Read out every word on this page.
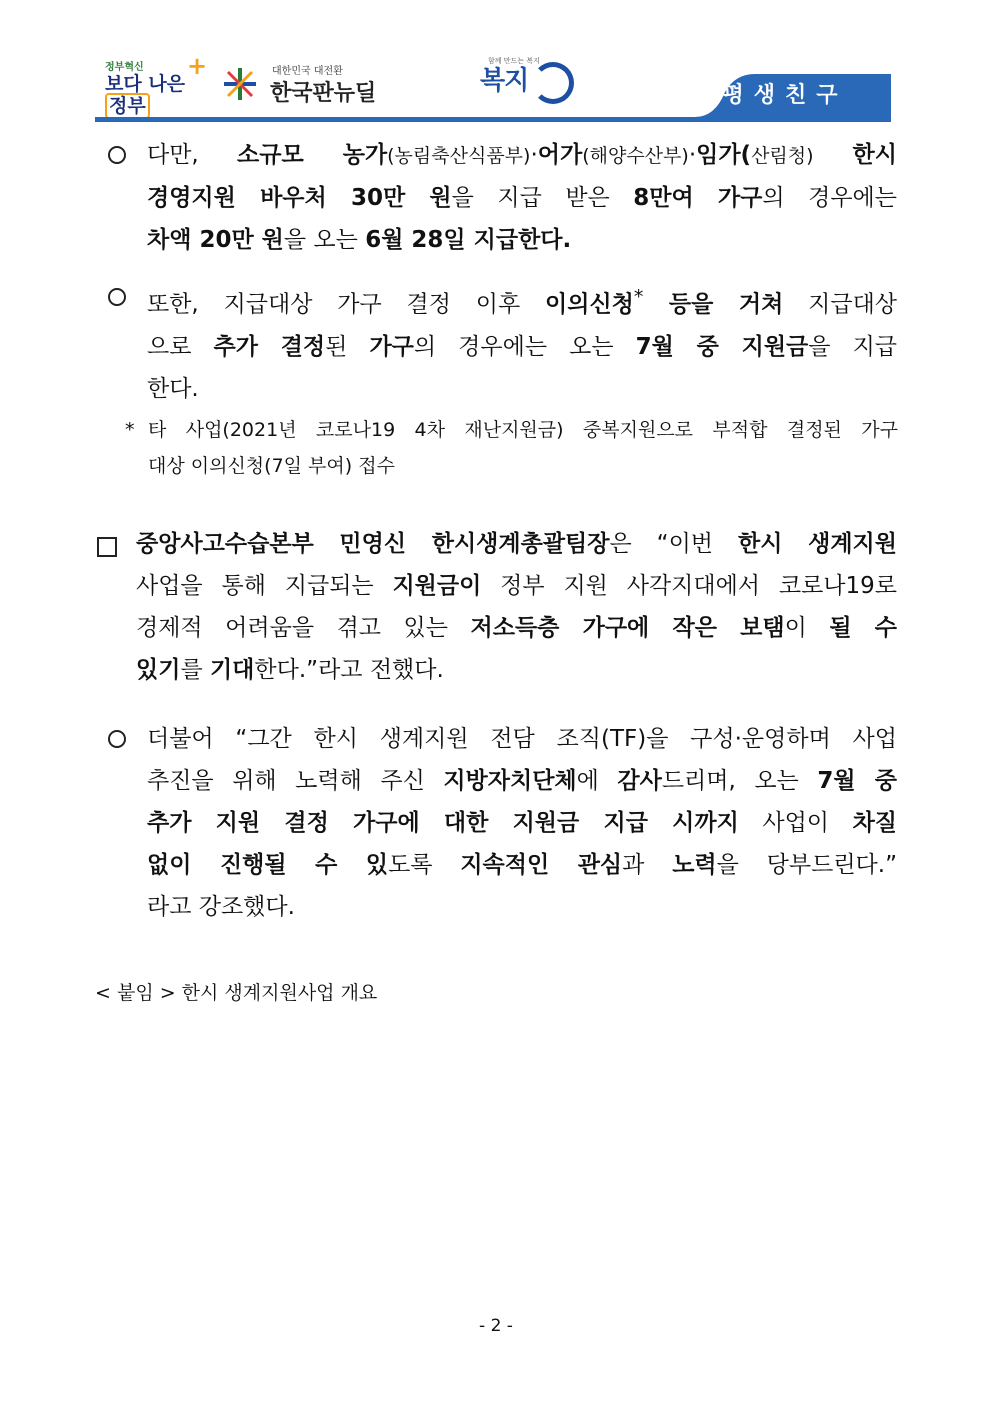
정부혁신
보다 나은 정부
+	대한민국 대전환
한국판뉴딜
함께 만드는 복지
복지	평생친구
다만, 소규모 농가(농림축산식품부)·어가(해양수산부)·임가(산림청) 한시
경영지원 바우처 30만 원을 지급 받은 8만여 가구의 경우에는
차액 20만 원을 오는 6월 28일 지급한다.
또한, 지급대상 가구 결정 이후 이의신청* 등을 거쳐 지급대상
으로 추가 결정된 가구의 경우에는 오는 7월 중 지원금을 지급
한다.
* 타 사업(2021년 코로나19 4차 재난지원금) 중복지원으로 부적합 결정된 가구
대상 이의신청(7일 부여) 접수
중앙사고수습본부 민영신 한시생계총괄팀장은 “이번 한시 생계지원
사업을 통해 지급되는 지원금이 정부 지원 사각지대에서 코로나19로
경제적 어려움을 겪고 있는 저소득층 가구에 작은 보탬이 될 수
있기를 기대한다.”라고 전했다.
더불어 “그간 한시 생계지원 전담 조직(TF)을 구성·운영하며 사업
추진을 위해 노력해 주신 지방자치단체에 감사드리며, 오는 7월 중
추가 지원 결정 가구에 대한 지원금 지급 시까지 사업이 차질
없이 진행될 수 있도록 지속적인 관심과 노력을 당부드린다.”
라고 강조했다.
< 붙임 > 한시 생계지원사업 개요
- 2 -
